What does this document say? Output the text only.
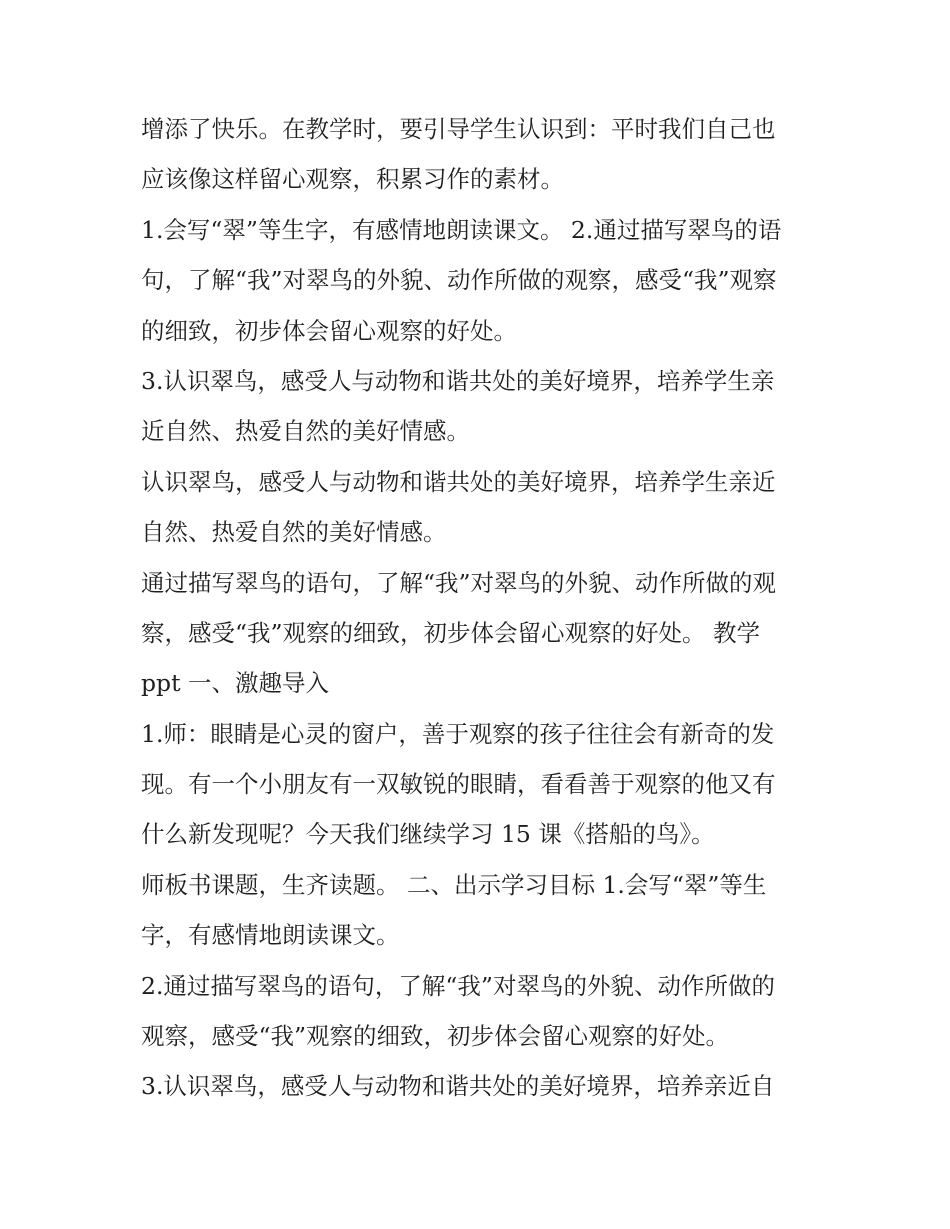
增添了快乐。在教学时，要引导学生认识到：平时我们自己也

应该像这样留心观察，积累习作的素材。

1.会写“翠”等生字，有感情地朗读课文。 2.通过描写翠鸟的语

句，了解“我”对翠鸟的外貌、动作所做的观察，感受“我”观察

的细致，初步体会留心观察的好处。

3.认识翠鸟，感受人与动物和谐共处的美好境界，培养学生亲

近自然、热爱自然的美好情感。

认识翠鸟，感受人与动物和谐共处的美好境界，培养学生亲近

自然、热爱自然的美好情感。

通过描写翠鸟的语句，了解“我”对翠鸟的外貌、动作所做的观

察，感受“我”观察的细致，初步体会留心观察的好处。 教学

ppt 一、激趣导入

1.师：眼睛是心灵的窗户，善于观察的孩子往往会有新奇的发

现。有一个小朋友有一双敏锐的眼睛，看看善于观察的他又有

什么新发现呢？今天我们继续学习 15 课《搭船的鸟》。

师板书课题，生齐读题。 二、出示学习目标 1.会写“翠”等生

字，有感情地朗读课文。

2.通过描写翠鸟的语句，了解“我”对翠鸟的外貌、动作所做的

观察，感受“我”观察的细致，初步体会留心观察的好处。

3.认识翠鸟，感受人与动物和谐共处的美好境界，培养亲近自
